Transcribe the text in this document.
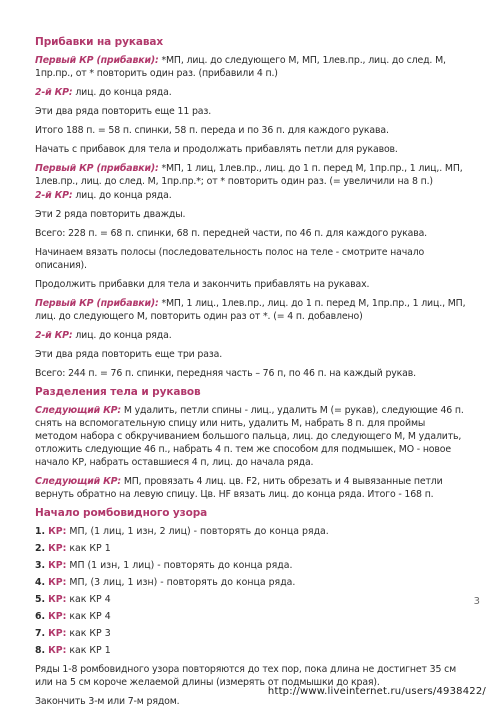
Прибавки на рукавах
Первый КР (прибавки): *МП, лиц. до следующего М, МП, 1лев.пр., лиц. до след. М, 1пр.пр., от * повторить один раз. (прибавили 4 п.)
2-й КР: лиц. до конца ряда.
Эти два ряда повторить еще 11 раз.
Итого 188 п. = 58 п. спинки, 58 п. переда и по 36 п. для каждого рукава.
Начать с прибавок для тела и продолжать прибавлять петли для рукавов.
Первый КР (прибавки): *МП, 1 лиц, 1лев.пр., лиц. до 1 п. перед М, 1пр.пр., 1 лиц,. МП, 1лев.пр., лиц. до след. М, 1пр.пр.*; от * повторить один раз. (= увеличили на 8 п.)
2-й КР: лиц. до конца ряда.
Эти 2 ряда повторить дважды.
Всего: 228 п. = 68 п. спинки, 68 п. передней части, по 46 п. для каждого рукава.
Начинаем вязать полосы (последовательность полос на теле - смотрите начало описания).
Продолжить прибавки для тела и закончить прибавлять на рукавах.
Первый КР (прибавки): *МП, 1 лиц., 1лев.пр., лиц. до 1 п. перед М, 1пр.пр., 1 лиц., МП, лиц. до следующего М, повторить один раз от *. (= 4 п. добавлено)
2-й КР: лиц. до конца ряда.
Эти два ряда повторить еще три раза.
Всего: 244 п. = 76 п. спинки, передняя часть – 76 п, по 46 п. на каждый рукав.
Разделения тела и рукавов
Следующий КР: М удалить, петли спины - лиц., удалить М (= рукав), следующие 46 п. снять на вспомогательную спицу или нить, удалить М, набрать 8 п. для проймы методом набора с обкручиванием большого пальца, лиц. до следующего М, М удалить, отложить следующие 46 п., набрать 4 п. тем же способом для подмышек, МО - новое начало КР, набрать оставшиеся 4 п, лиц. до начала ряда.
Следующий КР: МП, провязать 4 лиц. цв. F2, нить обрезать и 4 вывязанные петли вернуть обратно на левую спицу. Цв. HF вязать лиц. до конца ряда. Итого - 168 п.
Начало ромбовидного узора
1. КР: МП, (1 лиц, 1 изн, 2 лиц) - повторять до конца ряда.
2. КР: как КР 1
3. КР: МП (1 изн, 1 лиц) - повторять до конца ряда.
4. КР: МП, (3 лиц, 1 изн) - повторять до конца ряда.
5. КР: как КР 4
6. КР: как КР 4
7. КР: как КР 3
8. КР: как КР 1
Ряды 1-8 ромбовидного узора повторяются до тех пор, пока длина не достигнет 35 см или на 5 см короче желаемой длины (измерять от подмышки до края).
Закончить 3-м или 7-м рядом.
3
http://www.liveinternet.ru/users/4938422/
